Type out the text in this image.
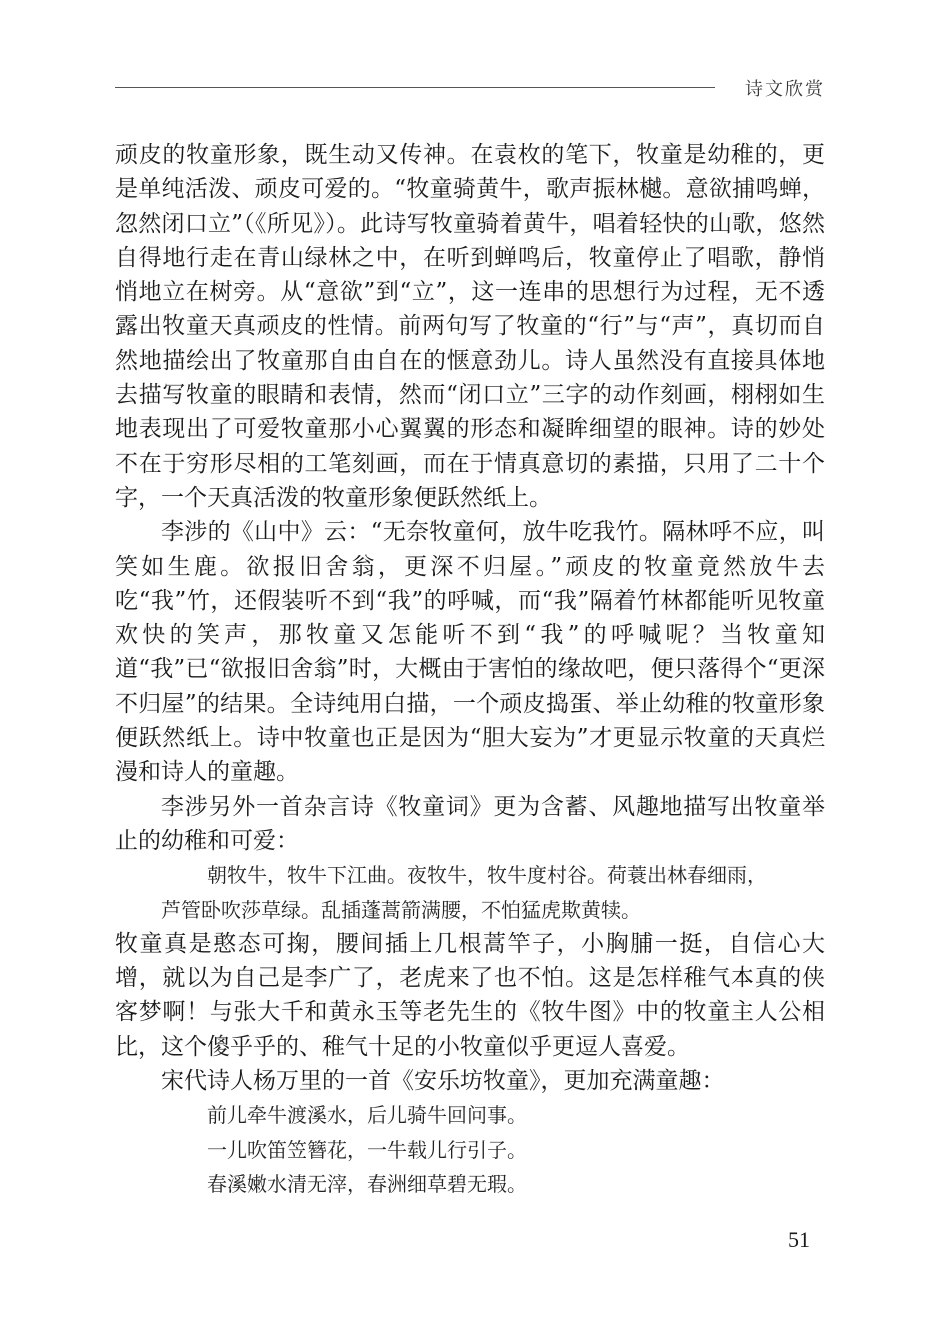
诗文欣赏

顽皮的牧童形象，既生动又传神。在袁枚的笔下，牧童是幼稚的，更是单纯活泼、顽皮可爱的。“牧童骑黄牛，歌声振林樾。意欲捕鸣蝉，忽然闭口立”（《所见》）。此诗写牧童骑着黄牛，唱着轻快的山歌，悠然自得地行走在青山绿林之中，在听到蝉鸣后，牧童停止了唱歌，静悄悄地立在树旁。从“意欲”到“立”，这一连串的思想行为过程，无不透露出牧童天真顽皮的性情。前两句写了牧童的“行”与“声”，真切而自然地描绘出了牧童那自由自在的惬意劲儿。诗人虽然没有直接具体地去描写牧童的眼睛和表情，然而“闭口立”三字的动作刻画，栩栩如生地表现出了可爱牧童那小心翼翼的形态和凝眸细望的眼神。诗的妙处不在于穷形尽相的工笔刻画，而在于情真意切的素描，只用了二十个字，一个天真活泼的牧童形象便跃然纸上。

李涉的《山中》云：“无奈牧童何，放牛吃我竹。隔林呼不应，叫笑如生鹿。欲报旧舍翁，更深不归屋。”顽皮的牧童竟然放牛去吃“我”竹，还假装听不到“我”的呼喊，而“我”隔着竹林都能听见牧童欢快的笑声，那牧童又怎能听不到“我”的呼喊呢？当牧童知道“我”已“欲报旧舍翁”时，大概由于害怕的缘故吧，便只落得个“更深不归屋”的结果。全诗纯用白描，一个顽皮捣蛋、举止幼稚的牧童形象便跃然纸上。诗中牧童也正是因为“胆大妄为”才更显示牧童的天真烂漫和诗人的童趣。

李涉另外一首杂言诗《牧童词》更为含蓄、风趣地描写出牧童举止的幼稚和可爱：

朝牧牛，牧牛下江曲。夜牧牛，牧牛度村谷。荷蓑出林春细雨，
芦管卧吹莎草绿。乱插蓬蒿箭满腰，不怕猛虎欺黄犊。

牧童真是憨态可掬，腰间插上几根蒿竿子，小胸脯一挺，自信心大增，就以为自己是李广了，老虎来了也不怕。这是怎样稚气本真的侠客梦啊！与张大千和黄永玉等老先生的《牧牛图》中的牧童主人公相比，这个傻乎乎的、稚气十足的小牧童似乎更逗人喜爱。

宋代诗人杨万里的一首《安乐坊牧童》，更加充满童趣：

前儿牵牛渡溪水，后儿骑牛回问事。
一儿吹笛笠簪花，一牛载儿行引子。
春溪嫩水清无滓，春洲细草碧无瑕。
51
